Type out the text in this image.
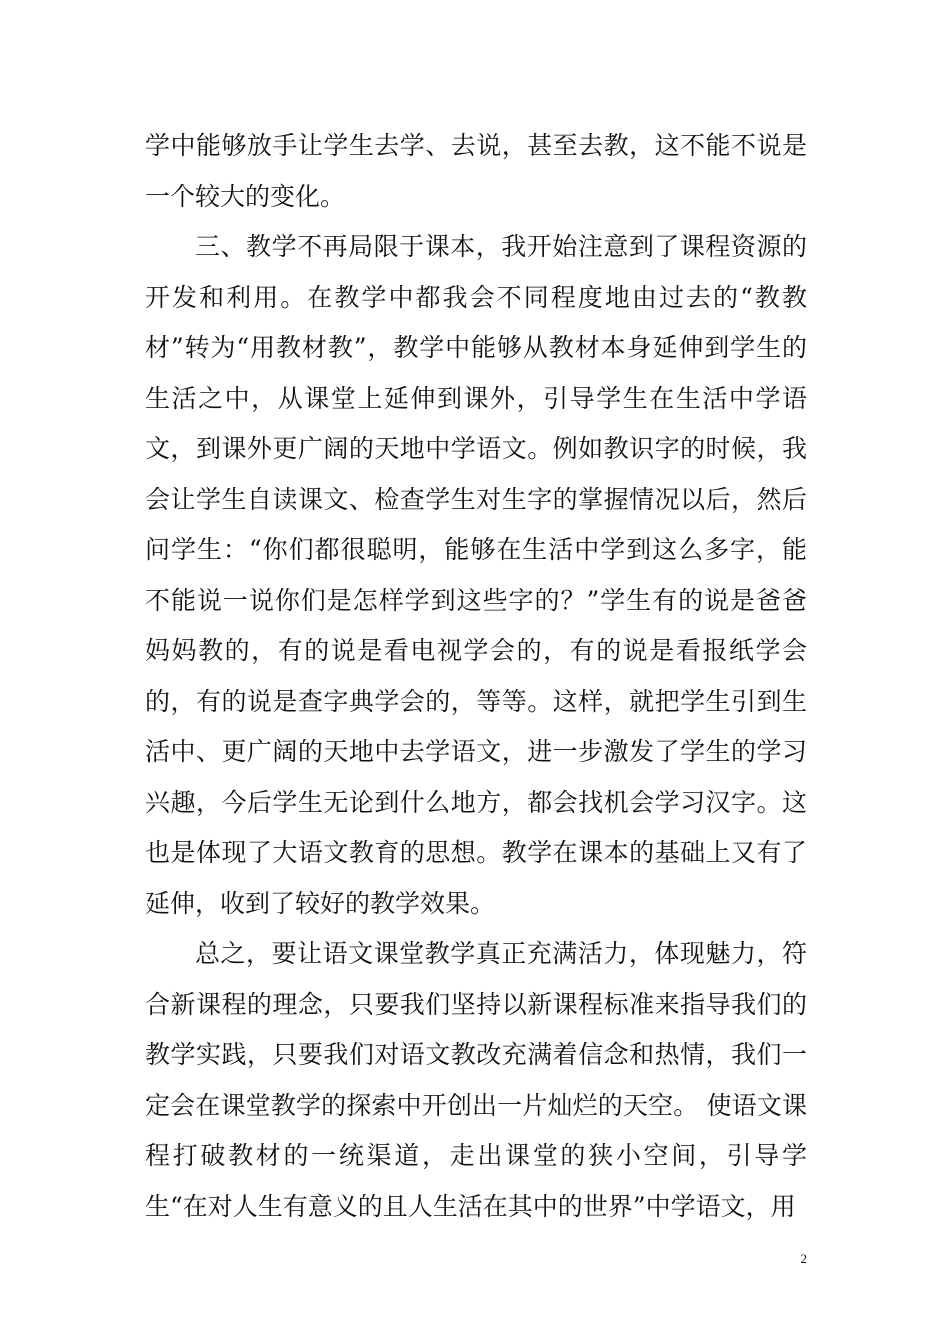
学中能够放手让学生去学、去说，甚至去教，这不能不说是一个较大的变化。

三、教学不再局限于课本，我开始注意到了课程资源的开发和利用。在教学中都我会不同程度地由过去的“教教材”转为“用教材教”，教学中能够从教材本身延伸到学生的生活之中，从课堂上延伸到课外，引导学生在生活中学语文，到课外更广阔的天地中学语文。例如教识字的时候，我会让学生自读课文、检查学生对生字的掌握情况以后，然后问学生：“你们都很聪明，能够在生活中学到这么多字，能不能说一说你们是怎样学到这些字的？”学生有的说是爸爸妈妈教的，有的说是看电视学会的，有的说是看报纸学会的，有的说是查字典学会的，等等。这样，就把学生引到生活中、更广阔的天地中去学语文，进一步激发了学生的学习兴趣，今后学生无论到什么地方，都会找机会学习汉字。这也是体现了大语文教育的思想。教学在课本的基础上又有了延伸，收到了较好的教学效果。

总之，要让语文课堂教学真正充满活力，体现魅力，符合新课程的理念，只要我们坚持以新课程标准来指导我们的教学实践，只要我们对语文教改充满着信念和热情，我们一定会在课堂教学的探索中开创出一片灿烂的天空。 使语文课程打破教材的一统渠道，走出课堂的狭小空间，引导学生“在对人生有意义的且人生活在其中的世界”中学语文，用

2
